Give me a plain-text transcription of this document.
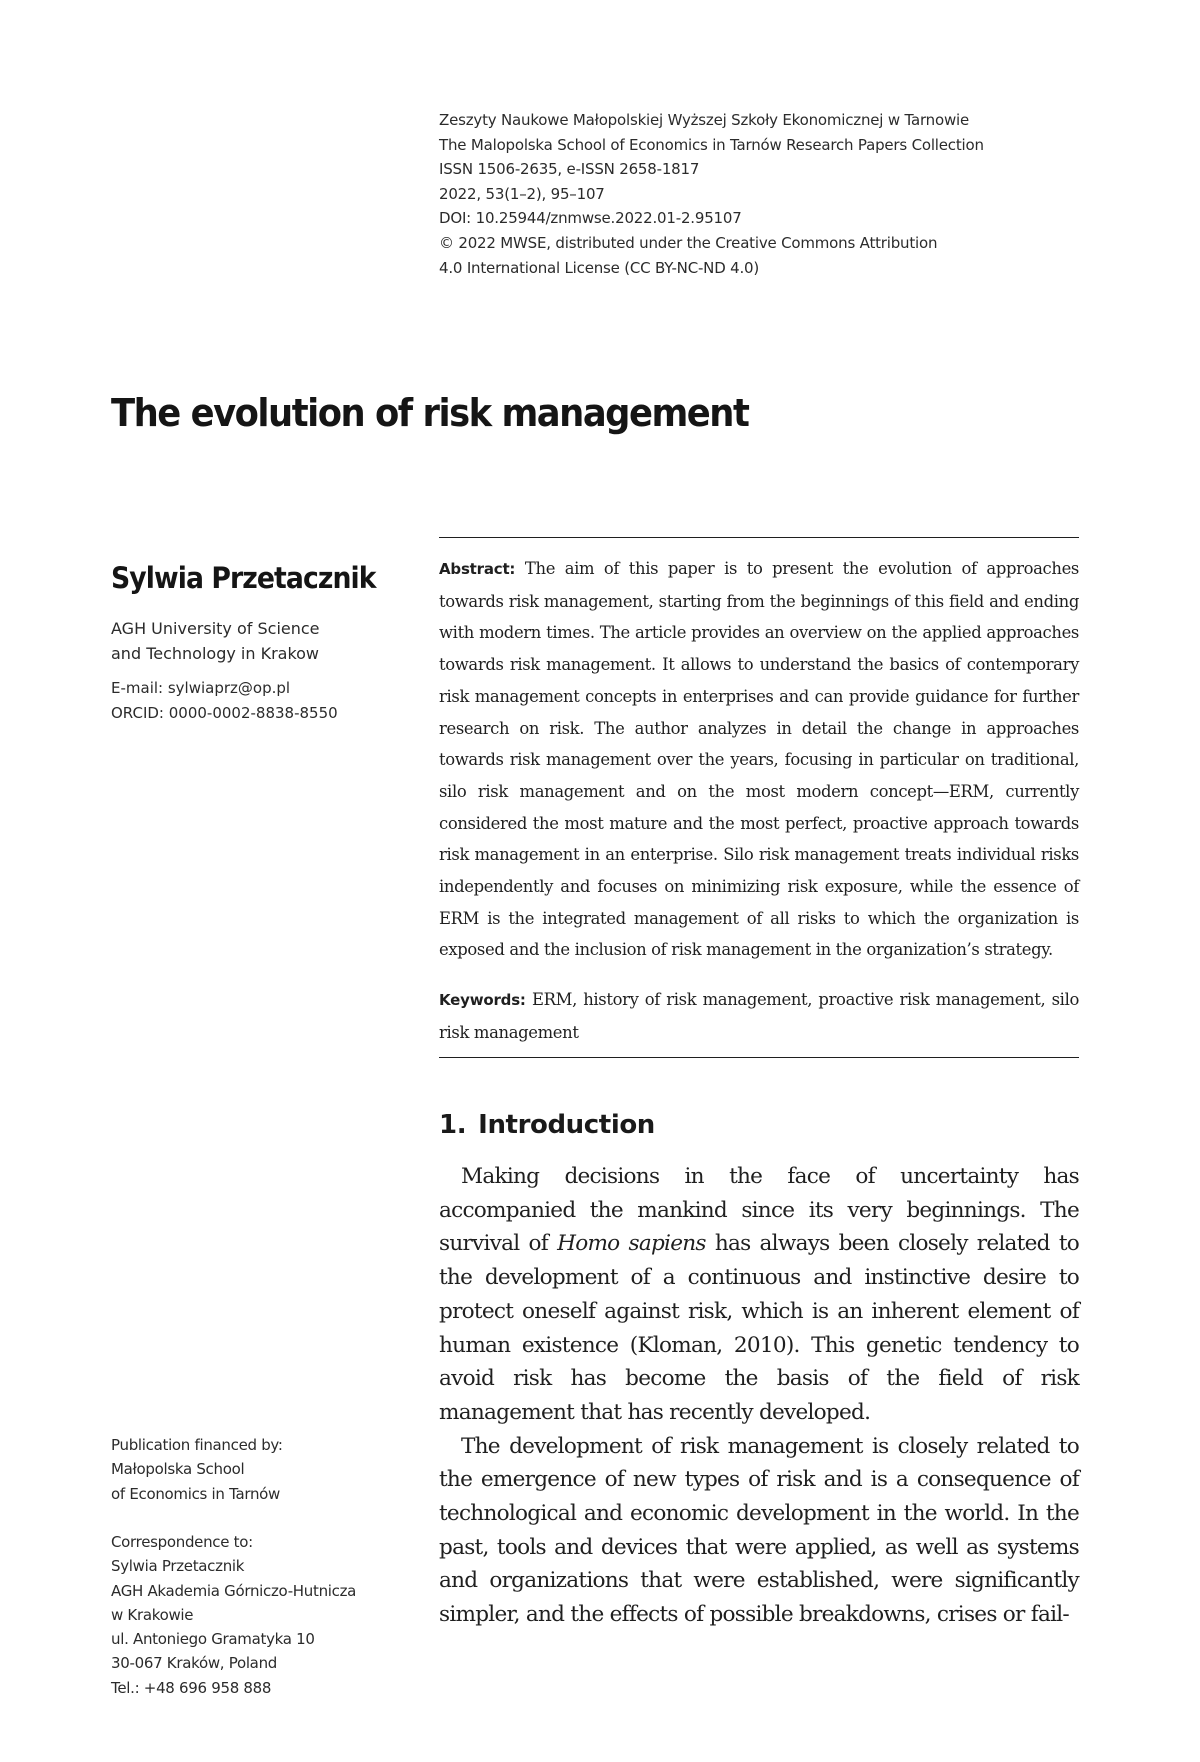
Zeszyty Naukowe Małopolskiej Wyższej Szkoły Ekonomicznej w Tarnowie
The Malopolska School of Economics in Tarnów Research Papers Collection
ISSN 1506-2635, e-ISSN 2658-1817
2022, 53(1–2), 95–107
DOI: 10.25944/znmwse.2022.01-2.95107
© 2022 MWSE, distributed under the Creative Commons Attribution
4.0 International License (CC BY-NC-ND 4.0)
The evolution of risk management
Sylwia Przetacznik
AGH University of Science
and Technology in Krakow
E-mail: sylwiaprz@op.pl
ORCID: 0000-0002-8838-8550
Abstract: The aim of this paper is to present the evolution of approaches towards risk management, starting from the beginnings of this field and ending with modern times. The article provides an overview on the applied approaches towards risk management. It allows to understand the basics of contemporary risk management concepts in enterprises and can provide guidance for further research on risk. The author analyzes in detail the change in approaches towards risk management over the years, focusing in particular on traditional, silo risk management and on the most modern concept—ERM, currently considered the most mature and the most perfect, proactive approach towards risk management in an enterprise. Silo risk management treats individual risks independently and focuses on minimizing risk exposure, while the essence of ERM is the integrated management of all risks to which the organization is exposed and the inclusion of risk management in the organization’s strategy.
Keywords: ERM, history of risk management, proactive risk management, silo risk management
1. Introduction

Making decisions in the face of uncertainty has accompanied the mankind since its very beginnings. The survival of Homo sapiens has always been closely related to the development of a continuous and instinctive desire to protect oneself against risk, which is an inherent element of human existence (Kloman, 2010). This genetic tendency to avoid risk has become the basis of the field of risk management that has recently developed.

The development of risk management is closely related to the emergence of new types of risk and is a consequence of technological and economic development in the world. In the past, tools and devices that were applied, as well as systems and organizations that were established, were significantly simpler, and the effects of possible breakdowns, crises or fail-

Publication financed by:
Małopolska School
of Economics in Tarnów
Correspondence to:
Sylwia Przetacznik
AGH Akademia Górniczo-Hutnicza
w Krakowie
ul. Antoniego Gramatyka 10
30-067 Kraków, Poland
Tel.: +48 696 958 888
